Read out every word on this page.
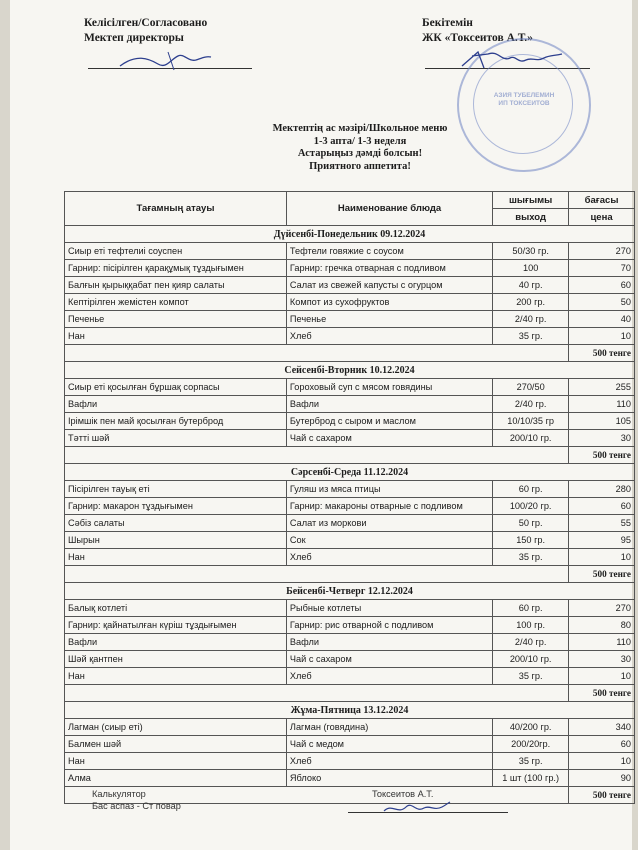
Келісілген/Согласовано
Мектеп директоры
Бекітемін
ЖК «Токсеитов А.Т.»
АЗИЯ ТУБЕЛЕМИН ИП ТОКСЕИТОВ
Мектептің ас мәзірі/Школьное меню
1-3 апта/ 1-3 неделя
Астарыңыз дәмді болсын!
Приятного аппетита!
Тағамның атауы	Наименование блюда	шығымы	бағасы
		выход	цена
Дүйсенбі-Понедельник 09.12.2024			
Сиыр еті тефтелиі соуспен	Тефтели говяжие с соусом	50/30 гр.	270
Гарнир: пісірілген қарақұмық тұздығымен	Гарнир: гречка отварная с подливом	100	70
Балғын қырыққабат пен қияр салаты	Салат из свежей капусты с огурцом	40 гр.	60
Кептірілген жемістен компот	Компот из сухофруктов	200 гр.	50
Печенье	Печенье	2/40 гр.	40
Нан	Хлеб	35 гр.	10
			500 тенге
Сейсенбі-Вторник 10.12.2024			
Сиыр еті қосылған бұршақ сорпасы	Гороховый суп с мясом говядины	270/50	255
Вафли	Вафли	2/40 гр.	110
Ірімшік пен май қосылған бутерброд	Бутерброд с сыром и маслом	10/10/35 гр	105
Тәтті шәй	Чай с сахаром	200/10 гр.	30
			500 тенге
Сәрсенбі-Среда 11.12.2024			
Пісірілген тауық еті	Гуляш из мяса птицы	60 гр.	280
Гарнир: макарон тұздығымен	Гарнир: макароны отварные с подливом	100/20 гр.	60
Сәбіз салаты	Салат из моркови	50 гр.	55
Шырын	Сок	150 гр.	95
Нан	Хлеб	35 гр.	10
			500 тенге
Бейсенбі-Четверг 12.12.2024			
Балық котлеті	Рыбные котлеты	60 гр.	270
Гарнир: қайнатылған күріш тұздығымен	Гарнир: рис отварной с подливом	100 гр.	80
Вафли	Вафли	2/40 гр.	110
Шәй қантпен	Чай с сахаром	200/10 гр.	30
Нан	Хлеб	35 гр.	10
			500 тенге
Жұма-Пятница 13.12.2024			
Лагман (сиыр еті)	Лагман (говядина)	40/200 гр.	340
Балмен шәй	Чай с медом	200/20гр.	60
Нан	Хлеб	35 гр.	10
Алма	Яблоко	1 шт (100 гр.)	90
			500 тенге
Калькулятор
Бас аспаз - Ст повар
Токсеитов А.Т.
